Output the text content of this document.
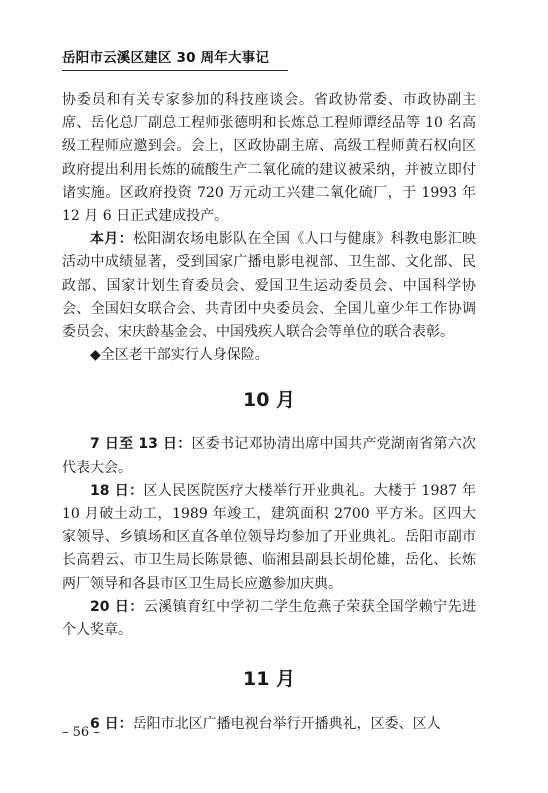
岳阳市云溪区建区 30 周年大事记

协委员和有关专家参加的科技座谈会。省政协常委、市政协副主席、岳化总厂副总工程师张德明和长炼总工程师谭经品等 10 名高级工程师应邀到会。会上，区政协副主席、高级工程师黄石权向区政府提出利用长炼的硫酸生产二氧化硫的建议被采纳，并被立即付诸实施。区政府投资 720 万元动工兴建二氧化硫厂，于 1993 年 12 月 6 日正式建成投产。

本月：松阳湖农场电影队在全国《人口与健康》科教电影汇映活动中成绩显著，受到国家广播电影电视部、卫生部、文化部、民政部、国家计划生育委员会、爱国卫生运动委员会、中国科学协会、全国妇女联合会、共青团中央委员会、全国儿童少年工作协调委员会、宋庆龄基金会、中国残疾人联合会等单位的联合表彰。

◆全区老干部实行人身保险。

10 月

7 日至 13 日：区委书记邓协清出席中国共产党湖南省第六次代表大会。

18 日：区人民医院医疗大楼举行开业典礼。大楼于 1987 年 10 月破土动工，1989 年竣工，建筑面积 2700 平方米。区四大家领导、乡镇场和区直各单位领导均参加了开业典礼。岳阳市副市长高碧云、市卫生局长陈景德、临湘县副县长胡伦雄，岳化、长炼两厂领导和各县市区卫生局长应邀参加庆典。

20 日：云溪镇育红中学初二学生危燕子荣获全国学赖宁先进个人奖章。

11 月

6 日：岳阳市北区广播电视台举行开播典礼，区委、区人

– 56 –
